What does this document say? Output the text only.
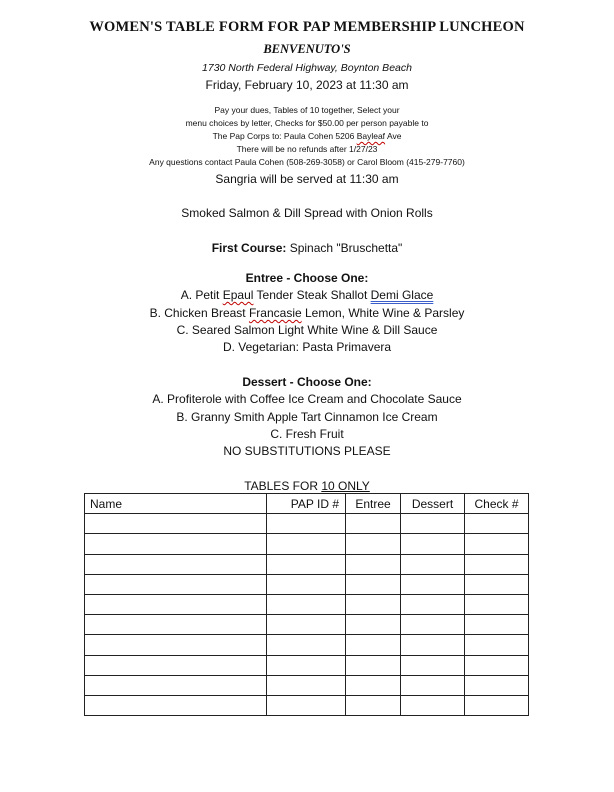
WOMEN'S TABLE FORM FOR PAP MEMBERSHIP LUNCHEON
BENVENUTO'S
1730 North Federal Highway, Boynton Beach
Friday, February 10, 2023 at 11:30 am
Pay your dues, Tables of 10 together, Select your
menu choices by letter, Checks for $50.00 per person payable to
The Pap Corps to: Paula Cohen 5206 Bayleaf Ave
There will be no refunds after 1/27/23
Any questions contact Paula Cohen (508-269-3058) or Carol Bloom (415-279-7760)
Sangria will be served at 11:30 am
Smoked Salmon & Dill Spread with Onion Rolls
First Course: Spinach "Bruschetta"
Entree - Choose One:
A. Petit Epaul Tender Steak Shallot Demi Glace
B. Chicken Breast Francasie Lemon, White Wine & Parsley
C. Seared Salmon Light White Wine & Dill Sauce
D. Vegetarian: Pasta Primavera
Dessert - Choose One:
A. Profiterole with Coffee Ice Cream and Chocolate Sauce
B. Granny Smith Apple Tart Cinnamon Ice Cream
C. Fresh Fruit
NO SUBSTITUTIONS PLEASE
TABLES FOR 10 ONLY
Name	PAP ID #	Entree	Dessert	Check #
